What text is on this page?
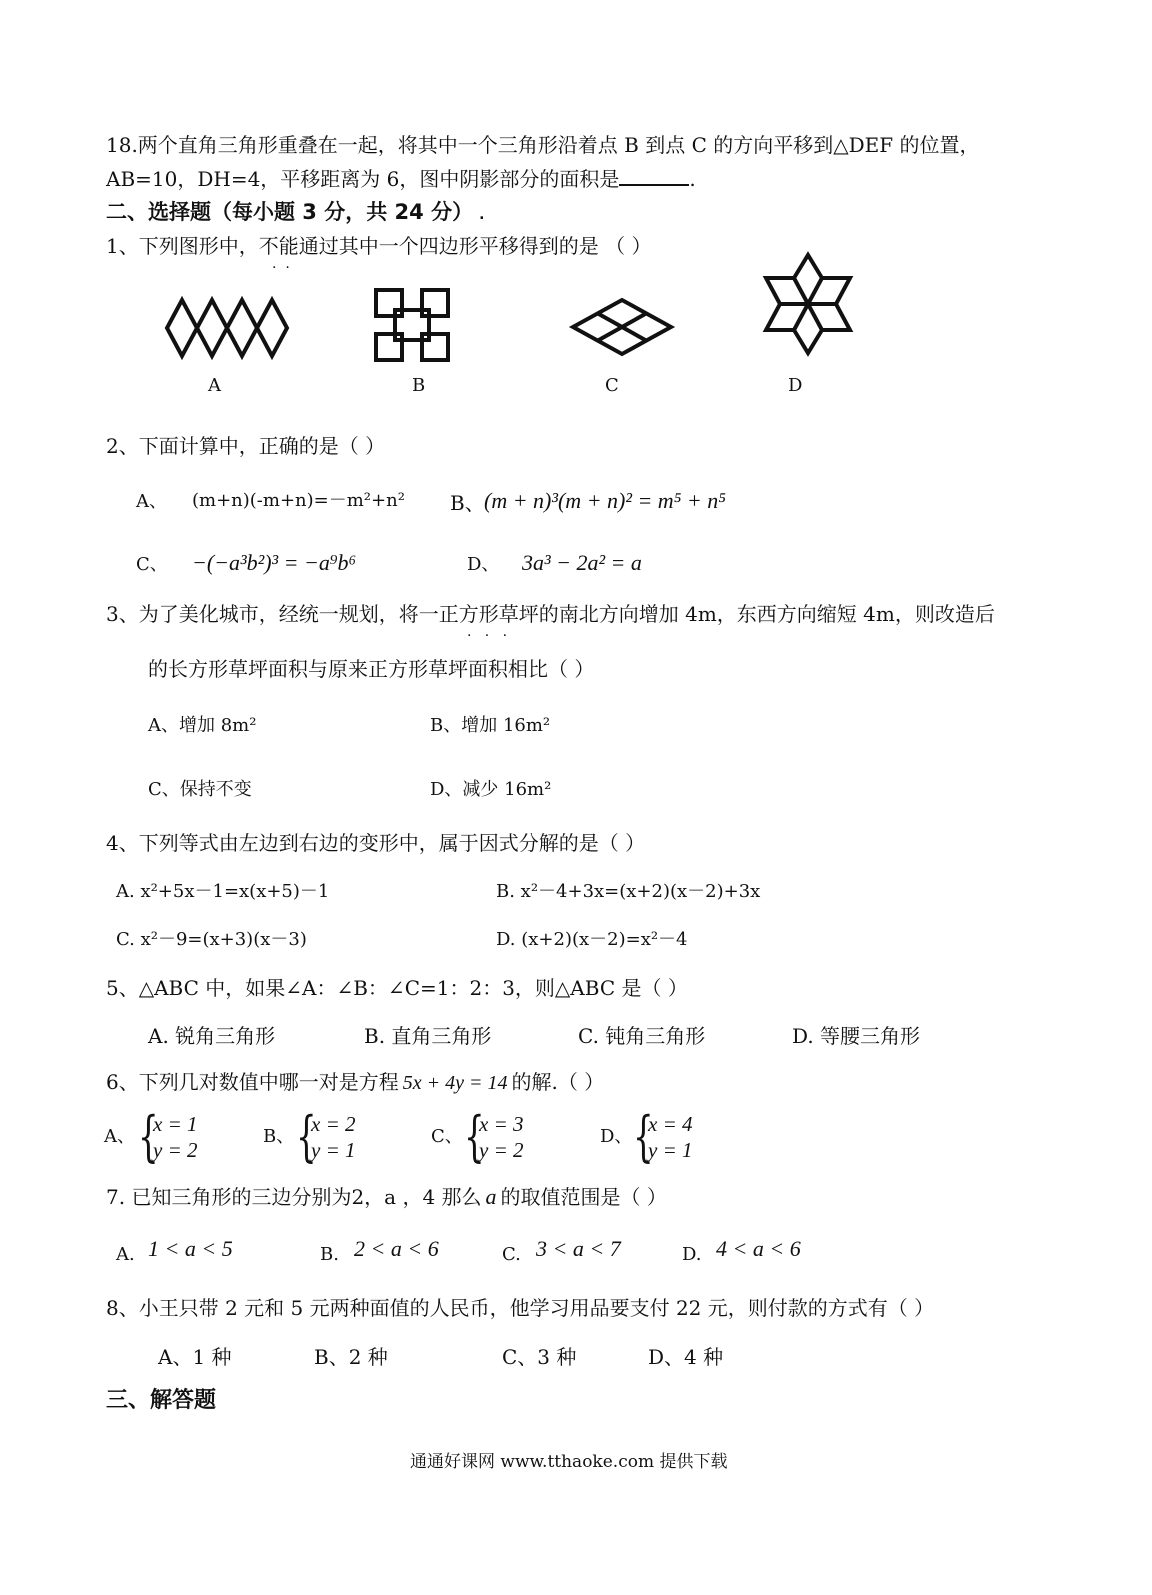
18.两个直角三角形重叠在一起，将其中一个三角形沿着点 B 到点 C 的方向平移到△DEF 的位置，
AB=10，DH=4，平移距离为 6，图中阴影部分的面积是	.
二、选择题（每小题 3 分，共 24 分） .
1、下列图形中，不能通过其中一个四边形平移得到的是 （ ）
.  .
A	B	C	D
2、下面计算中，正确的是（ ）
A、 (m+n)(-m+n)=－m²+n² B、 (m + n)³(m + n)² = m⁵ + n⁵
C、 −(−a³b²)³ = −a⁹b⁶	D、 3a³ − 2a² = a
3、为了美化城市，经统一规划，将一正方形草坪的南北方向增加 4m，东西方向缩短 4m，则改造后
.   .   .
的长方形草坪面积与原来正方形草坪面积相比（ ）
A、增加 8m²	B、增加 16m²
C、保持不变	D、减少 16m²
4、下列等式由左边到右边的变形中，属于因式分解的是（ ）
A. x²+5x－1=x(x+5)－1	B. x²－4+3x=(x+2)(x－2)+3x
C. x²－9=(x+3)(x－3)	D. (x+2)(x－2)=x²－4
5、△ABC 中，如果∠A：∠B：∠C=1：2：3，则△ABC 是（ ）
A. 锐角三角形	B. 直角三角形	C. 钝角三角形	D. 等腰三角形
6、下列几对数值中哪一对是方程 5x + 4y = 14 的解.（ ）
A、 {
x = 1
y = 2
B、 {
x = 2
y = 1
C、 {
x = 3
y = 2
D、 {
x = 4
y = 1
7. 已知三角形的三边分别为2，a ，4 那么 a 的取值范围是（ ）
A. 1 < a < 5	B. 2 < a < 6	C. 3 < a < 7	D. 4 < a < 6
8、小王只带 2 元和 5 元两种面值的人民币，他学习用品要支付 22 元，则付款的方式有（ ）
A、1 种	B、2 种	C、3 种	D、4 种
三、解答题
通通好课网 www.tthaoke.com 提供下载
